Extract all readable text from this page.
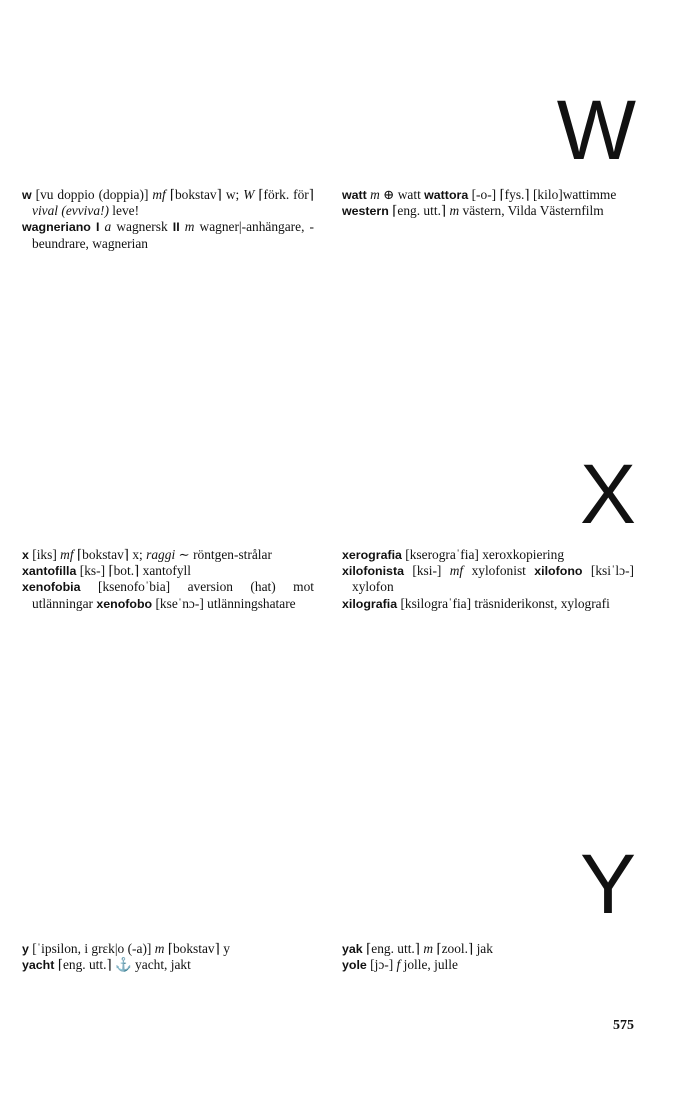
W

w [vu doppio (doppia)] mf ⌈bokstav⌉ w; W ⌈förk. för⌉ vival (evviva!) leve!

wagneriano I a wagnersk II m wagner|-anhängare, -beundrare, wagnerian

watt m ⊕ watt wattora [-o-] ⌈fys.⌉ [kilo]wattimme

western ⌈eng. utt.⌉ m västern, Vilda Västernfilm

X

x [iks] mf ⌈bokstav⌉ x; raggi ∼ röntgen-strålar

xantofilla [ks-] ⌈bot.⌉ xantofyll

xenofobia [ksenofoˈbia] aversion (hat) mot utlänningar xenofobo [kseˈnɔ-] utlänningshatare

xerografia [kserograˈfia] xeroxkopiering

xilofonista [ksi-] mf xylofonist xilofono [ksiˈlɔ-] xylofon

xilografia [ksilograˈfia] träsniderikonst, xylografi

Y

y [ˈipsilon, i grɛk|o (-a)] m ⌈bokstav⌉ y

yacht ⌈eng. utt.⌉ ⚓ yacht, jakt

yak ⌈eng. utt.⌉ m ⌈zool.⌉ jak

yole [jɔ-] f jolle, julle

575
